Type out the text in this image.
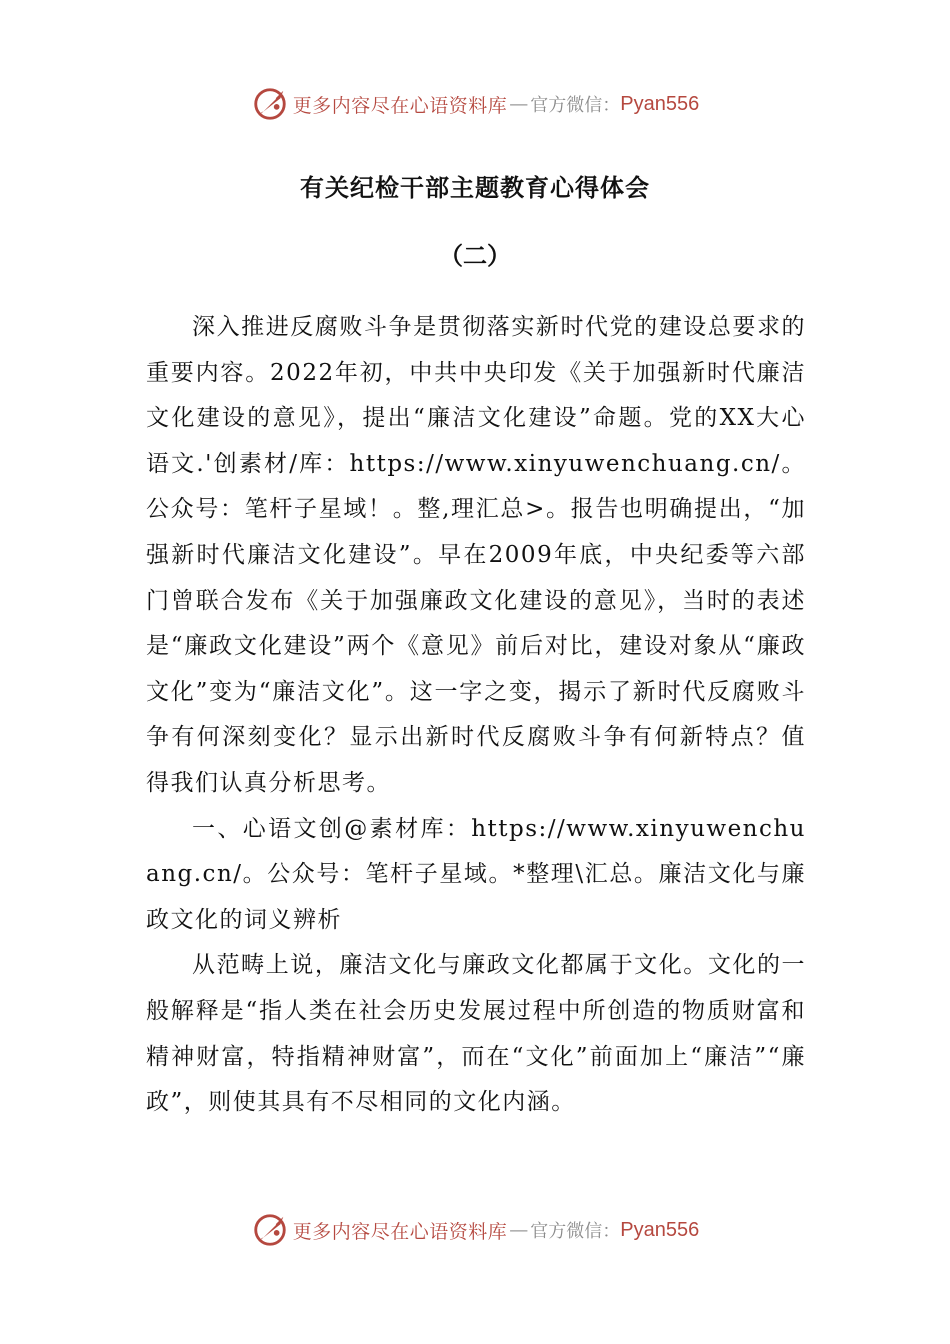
更多内容尽在心语资料库 — 官方微信： Pyan556
有关纪检干部主题教育心得体会
（二）

深入推进反腐败斗争是贯彻落实新时代党的建设总要求的重要内容。2022年初，中共中央印发《关于加强新时代廉洁文化建设的意见》，提出“廉洁文化建设”命题。党的XX大心语文.'创素材/库：https://www.xinyuwenchuang.cn/。公众号：笔杆子星域！。整,理汇总>。报告也明确提出，“加强新时代廉洁文化建设”。早在2009年底，中央纪委等六部门曾联合发布《关于加强廉政文化建设的意见》，当时的表述是“廉政文化建设”两个《意见》前后对比，建设对象从“廉政文化”变为“廉洁文化”。这一字之变，揭示了新时代反腐败斗争有何深刻变化？显示出新时代反腐败斗争有何新特点？值得我们认真分析思考。

一、心语文创@素材库：https://www.xinyuwenchuang.cn/。公众号：笔杆子星域。*整理\汇总。廉洁文化与廉政文化的词义辨析

从范畴上说，廉洁文化与廉政文化都属于文化。文化的一般解释是“指人类在社会历史发展过程中所创造的物质财富和精神财富，特指精神财富”，而在“文化”前面加上“廉洁”“廉政”，则使其具有不尽相同的文化内涵。

更多内容尽在心语资料库 — 官方微信： Pyan556
